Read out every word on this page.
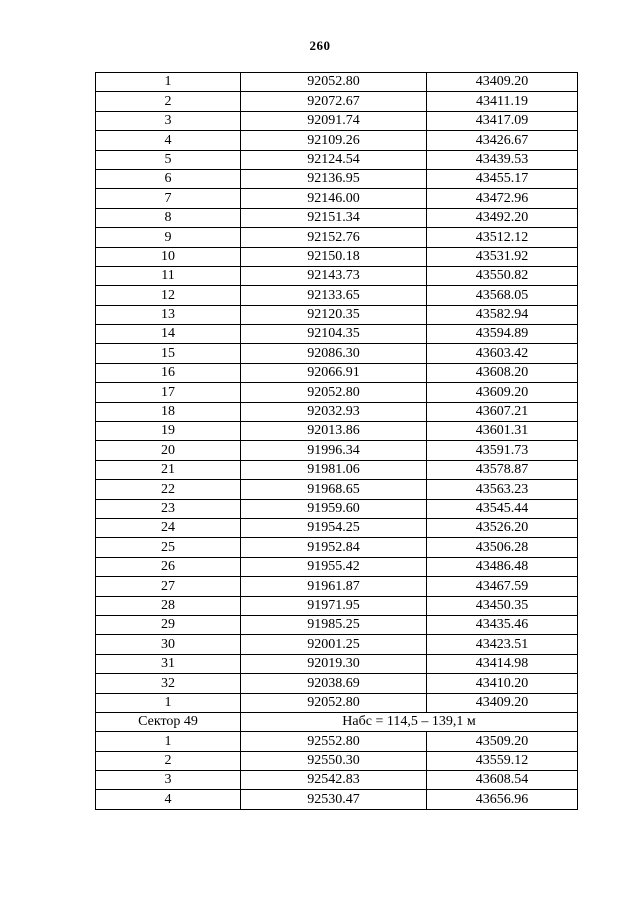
260
1	92052.80	43409.20
2	92072.67	43411.19
3	92091.74	43417.09
4	92109.26	43426.67
5	92124.54	43439.53
6	92136.95	43455.17
7	92146.00	43472.96
8	92151.34	43492.20
9	92152.76	43512.12
10	92150.18	43531.92
11	92143.73	43550.82
12	92133.65	43568.05
13	92120.35	43582.94
14	92104.35	43594.89
15	92086.30	43603.42
16	92066.91	43608.20
17	92052.80	43609.20
18	92032.93	43607.21
19	92013.86	43601.31
20	91996.34	43591.73
21	91981.06	43578.87
22	91968.65	43563.23
23	91959.60	43545.44
24	91954.25	43526.20
25	91952.84	43506.28
26	91955.42	43486.48
27	91961.87	43467.59
28	91971.95	43450.35
29	91985.25	43435.46
30	92001.25	43423.51
31	92019.30	43414.98
32	92038.69	43410.20
1	92052.80	43409.20
Сектор 49	Набс = 114,5 – 139,1 м	
1	92552.80	43509.20
2	92550.30	43559.12
3	92542.83	43608.54
4	92530.47	43656.96
